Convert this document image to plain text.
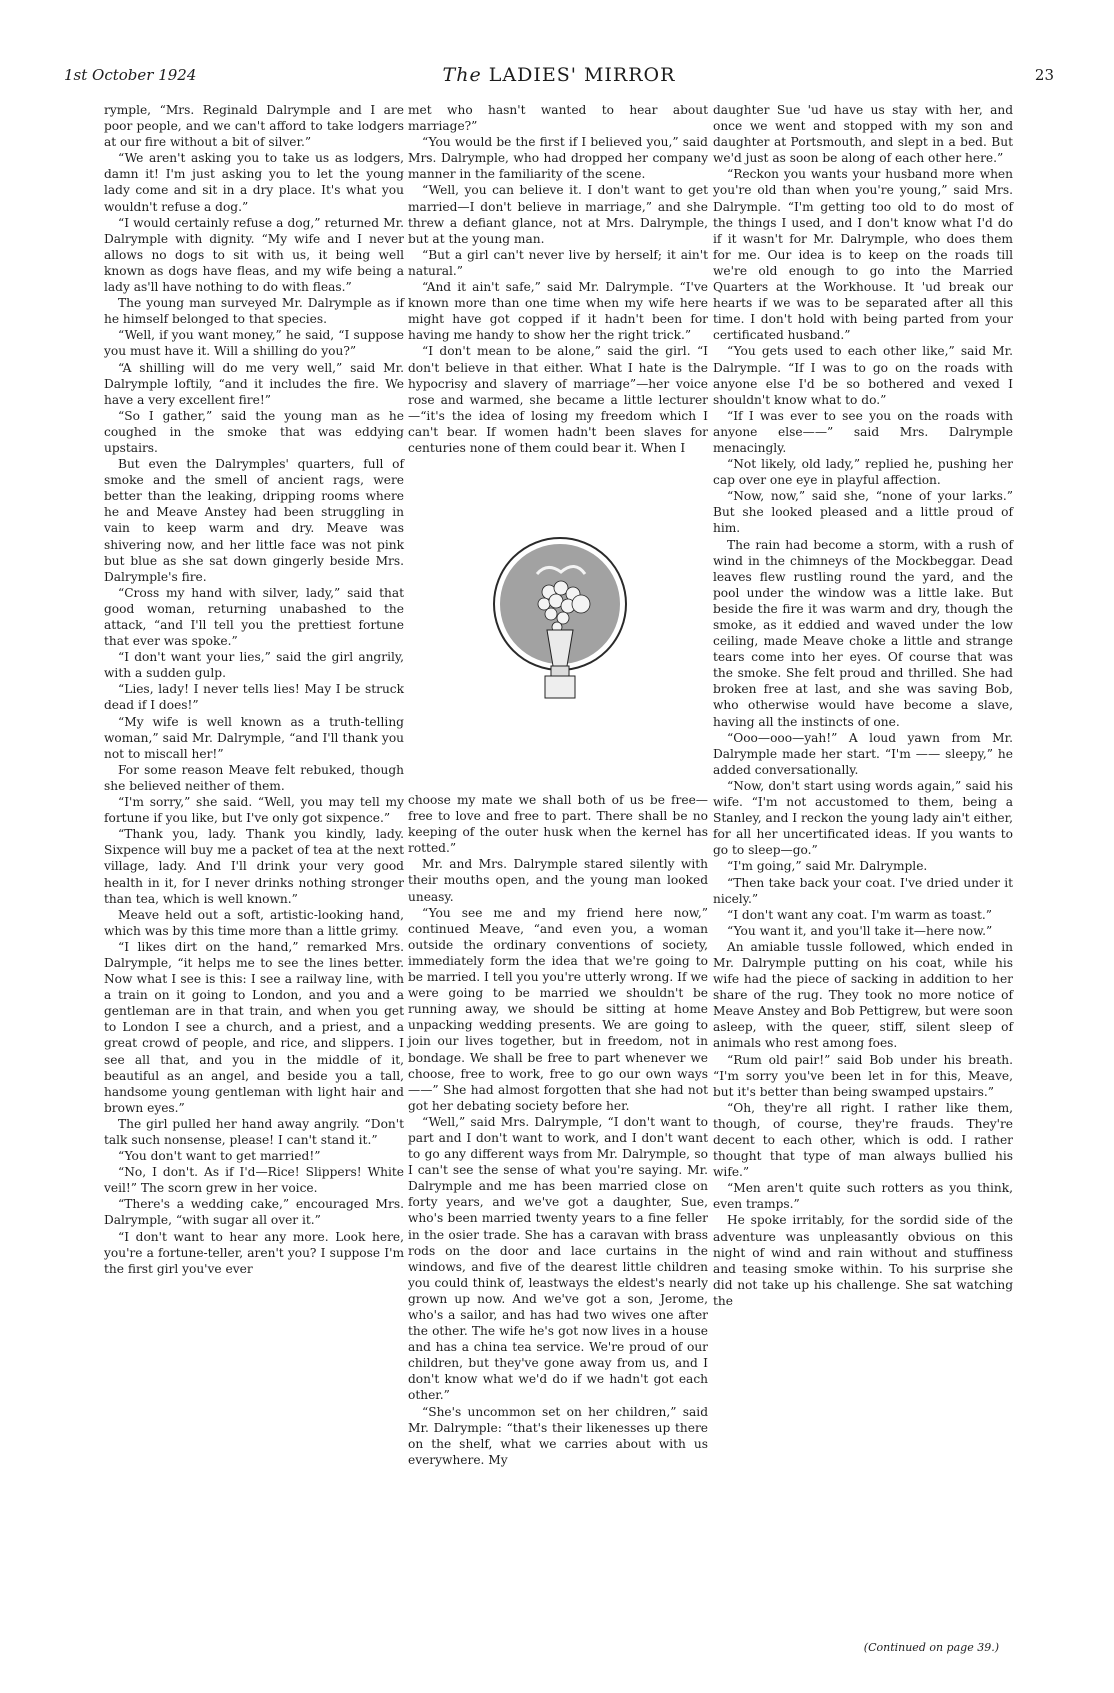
1st October 1924	The LADIES' MIRROR	23

rymple, “Mrs. Reginald Dalrymple and I are poor people, and we can't afford to take lodgers at our fire without a bit of silver.”

“We aren't asking you to take us as lodgers, damn it! I'm just asking you to let the young lady come and sit in a dry place. It's what you wouldn't refuse a dog.”

“I would certainly refuse a dog,” returned Mr. Dalrymple with dignity. “My wife and I never allows no dogs to sit with us, it being well known as dogs have fleas, and my wife being a lady as'll have nothing to do with fleas.”

The young man surveyed Mr. Dalrymple as if he himself belonged to that species.

“Well, if you want money,” he said, “I suppose you must have it. Will a shilling do you?”

“A shilling will do me very well,” said Mr. Dalrymple loftily, “and it includes the fire. We have a very excellent fire!”

“So I gather,” said the young man as he coughed in the smoke that was eddying upstairs.

But even the Dalrymples' quarters, full of smoke and the smell of ancient rags, were better than the leaking, dripping rooms where he and Meave Anstey had been struggling in vain to keep warm and dry. Meave was shivering now, and her little face was not pink but blue as she sat down gingerly beside Mrs. Dalrymple's fire.

“Cross my hand with silver, lady,” said that good woman, returning unabashed to the attack, “and I'll tell you the prettiest fortune that ever was spoke.”

“I don't want your lies,” said the girl angrily, with a sudden gulp.

“Lies, lady! I never tells lies! May I be struck dead if I does!”

“My wife is well known as a truth-telling woman,” said Mr. Dalrymple, “and I'll thank you not to miscall her!”

For some reason Meave felt rebuked, though she believed neither of them.

“I'm sorry,” she said. “Well, you may tell my fortune if you like, but I've only got sixpence.”

“Thank you, lady. Thank you kindly, lady. Sixpence will buy me a packet of tea at the next village, lady. And I'll drink your very good health in it, for I never drinks nothing stronger than tea, which is well known.”

Meave held out a soft, artistic-looking hand, which was by this time more than a little grimy.

“I likes dirt on the hand,” remarked Mrs. Dalrymple, “it helps me to see the lines better. Now what I see is this: I see a railway line, with a train on it going to London, and you and a gentleman are in that train, and when you get to London I see a church, and a priest, and a great crowd of people, and rice, and slippers. I see all that, and you in the middle of it, beautiful as an angel, and beside you a tall, handsome young gentleman with light hair and brown eyes.”

The girl pulled her hand away angrily. “Don't talk such nonsense, please! I can't stand it.”

“You don't want to get married!”

“No, I don't. As if I'd—Rice! Slippers! White veil!” The scorn grew in her voice.

“There's a wedding cake,” encouraged Mrs. Dalrymple, “with sugar all over it.”

“I don't want to hear any more. Look here, you're a fortune-teller, aren't you? I suppose I'm the first girl you've ever

met who hasn't wanted to hear about marriage?”

“You would be the first if I believed you,” said Mrs. Dalrymple, who had dropped her company manner in the familiarity of the scene.

“Well, you can believe it. I don't want to get married—I don't believe in marriage,” and she threw a defiant glance, not at Mrs. Dalrymple, but at the young man.

“But a girl can't never live by herself; it ain't natural.”

“And it ain't safe,” said Mr. Dalrymple. “I've known more than one time when my wife here might have got copped if it hadn't been for having me handy to show her the right trick.”

“I don't mean to be alone,” said the girl. “I don't believe in that either. What I hate is the hypocrisy and slavery of marriage”—her voice rose and warmed, she became a little lecturer—“it's the idea of losing my freedom which I can't bear. If women hadn't been slaves for centuries none of them could bear it. When I

choose my mate we shall both of us be free—free to love and free to part. There shall be no keeping of the outer husk when the kernel has rotted.”

Mr. and Mrs. Dalrymple stared silently with their mouths open, and the young man looked uneasy.

“You see me and my friend here now,” continued Meave, “and even you, a woman outside the ordinary conventions of society, immediately form the idea that we're going to be married. I tell you you're utterly wrong. If we were going to be married we shouldn't be running away, we should be sitting at home unpacking wedding presents. We are going to join our lives together, but in freedom, not in bondage. We shall be free to part whenever we choose, free to work, free to go our own ways——” She had almost forgotten that she had not got her debating society before her.

“Well,” said Mrs. Dalrymple, “I don't want to part and I don't want to work, and I don't want to go any different ways from Mr. Dalrymple, so I can't see the sense of what you're saying. Mr. Dalrymple and me has been married close on forty years, and we've got a daughter, Sue, who's been married twenty years to a fine feller in the osier trade. She has a caravan with brass rods on the door and lace curtains in the windows, and five of the dearest little children you could think of, leastways the eldest's nearly grown up now. And we've got a son, Jerome, who's a sailor, and has had two wives one after the other. The wife he's got now lives in a house and has a china tea service. We're proud of our children, but they've gone away from us, and I don't know what we'd do if we hadn't got each other.”

“She's uncommon set on her children,” said Mr. Dalrymple: “that's their likenesses up there on the shelf, what we carries about with us everywhere. My

daughter Sue 'ud have us stay with her, and once we went and stopped with my son and daughter at Portsmouth, and slept in a bed. But we'd just as soon be along of each other here.”

“Reckon you wants your husband more when you're old than when you're young,” said Mrs. Dalrymple. “I'm getting too old to do most of the things I used, and I don't know what I'd do if it wasn't for Mr. Dalrymple, who does them for me. Our idea is to keep on the roads till we're old enough to go into the Married Quarters at the Workhouse. It 'ud break our hearts if we was to be separated after all this time. I don't hold with being parted from your certificated husband.”

“You gets used to each other like,” said Mr. Dalrymple. “If I was to go on the roads with anyone else I'd be so bothered and vexed I shouldn't know what to do.”

“If I was ever to see you on the roads with anyone else——” said Mrs. Dalrymple menacingly.

“Not likely, old lady,” replied he, pushing her cap over one eye in playful affection.

“Now, now,” said she, “none of your larks.” But she looked pleased and a little proud of him.

The rain had become a storm, with a rush of wind in the chimneys of the Mockbeggar. Dead leaves flew rustling round the yard, and the pool under the window was a little lake. But beside the fire it was warm and dry, though the smoke, as it eddied and waved under the low ceiling, made Meave choke a little and strange tears come into her eyes. Of course that was the smoke. She felt proud and thrilled. She had broken free at last, and she was saving Bob, who otherwise would have become a slave, having all the instincts of one.

“Ooo—ooo—yah!” A loud yawn from Mr. Dalrymple made her start. “I'm —— sleepy,” he added conversationally.

“Now, don't start using words again,” said his wife. “I'm not accustomed to them, being a Stanley, and I reckon the young lady ain't either, for all her uncertificated ideas. If you wants to go to sleep—go.”

“I'm going,” said Mr. Dalrymple.

“Then take back your coat. I've dried under it nicely.”

“I don't want any coat. I'm warm as toast.”

“You want it, and you'll take it—here now.”

An amiable tussle followed, which ended in Mr. Dalrymple putting on his coat, while his wife had the piece of sacking in addition to her share of the rug. They took no more notice of Meave Anstey and Bob Pettigrew, but were soon asleep, with the queer, stiff, silent sleep of animals who rest among foes.

“Rum old pair!” said Bob under his breath. “I'm sorry you've been let in for this, Meave, but it's better than being swamped upstairs.”

“Oh, they're all right. I rather like them, though, of course, they're frauds. They're decent to each other, which is odd. I rather thought that type of man always bullied his wife.”

“Men aren't quite such rotters as you think, even tramps.”

He spoke irritably, for the sordid side of the adventure was unpleasantly obvious on this night of wind and rain without and stuffiness and teasing smoke within. To his surprise she did not take up his challenge. She sat watching the

(Continued on page 39.)
